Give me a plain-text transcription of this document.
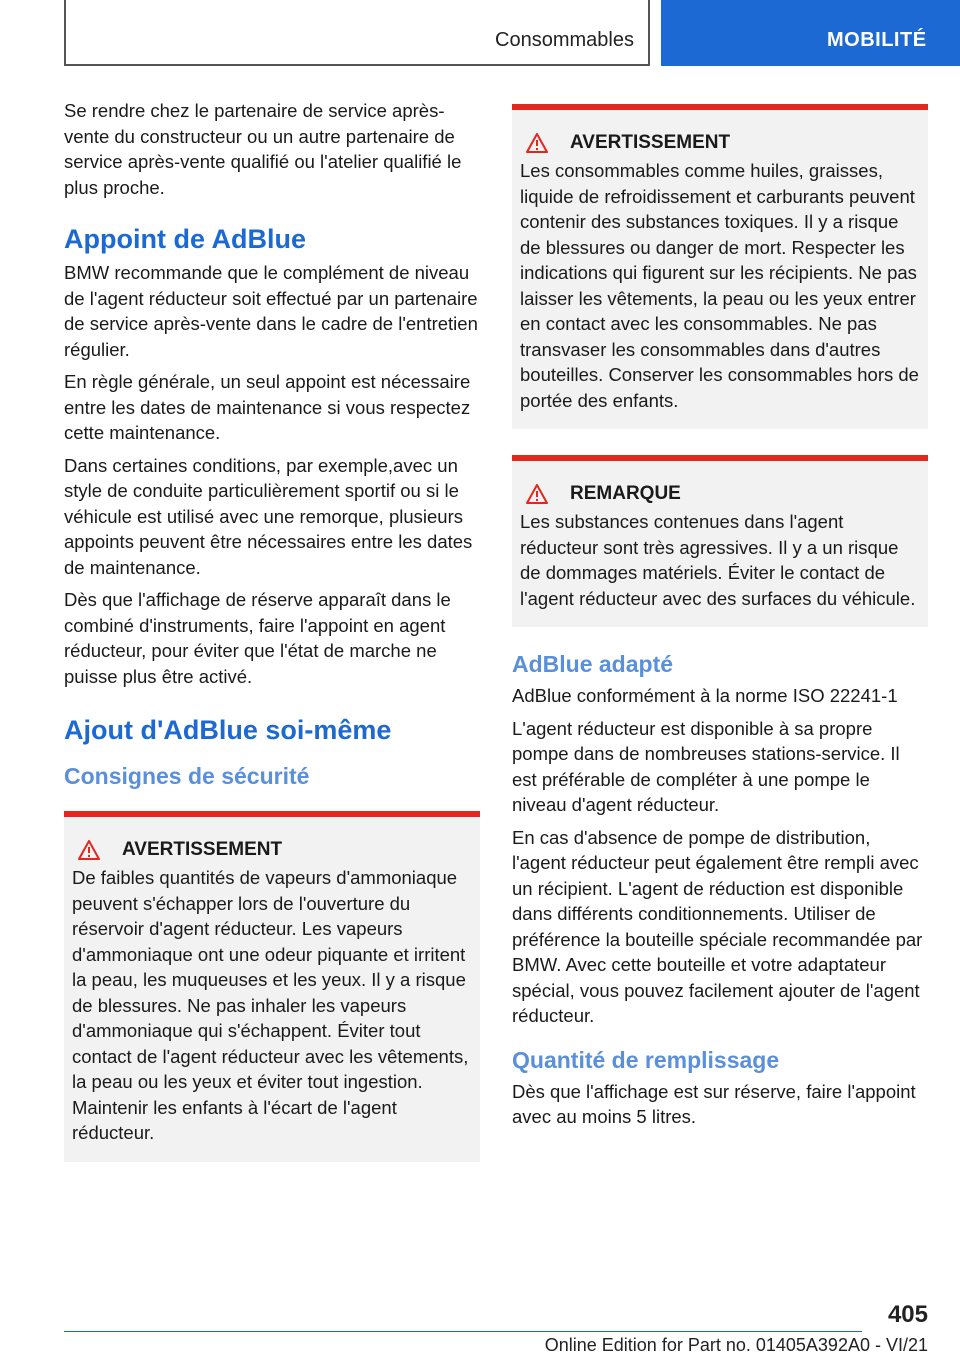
Consommables	MOBILITÉ

Se rendre chez le partenaire de service après-vente du constructeur ou un autre partenaire de service après-vente qualifié ou l'atelier qualifié le plus proche.

Appoint de AdBlue

BMW recommande que le complément de niveau de l'agent réducteur soit effectué par un partenaire de service après-vente dans le cadre de l'entretien régulier.

En règle générale, un seul appoint est nécessaire entre les dates de maintenance si vous respectez cette maintenance.

Dans certaines conditions, par exemple,avec un style de conduite particulièrement sportif ou si le véhicule est utilisé avec une remorque, plusieurs appoints peuvent être nécessaires entre les dates de maintenance.

Dès que l'affichage de réserve apparaît dans le combiné d'instruments, faire l'appoint en agent réducteur, pour éviter que l'état de marche ne puisse plus être activé.

Ajout d'AdBlue soi-même
Consignes de sécurité
AVERTISSEMENT

De faibles quantités de vapeurs d'ammoniaque peuvent s'échapper lors de l'ouverture du réservoir d'agent réducteur. Les vapeurs d'ammoniaque ont une odeur piquante et irritent la peau, les muqueuses et les yeux. Il y a risque de blessures. Ne pas inhaler les vapeurs d'ammoniaque qui s'échappent. Éviter tout contact de l'agent réducteur avec les vêtements, la peau ou les yeux et éviter tout ingestion. Maintenir les enfants à l'écart de l'agent réducteur.

AVERTISSEMENT

Les consommables comme huiles, graisses, liquide de refroidissement et carburants peuvent contenir des substances toxiques. Il y a risque de blessures ou danger de mort. Respecter les indications qui figurent sur les récipients. Ne pas laisser les vêtements, la peau ou les yeux entrer en contact avec les consommables. Ne pas transvaser les consommables dans d'autres bouteilles. Conserver les consommables hors de portée des enfants.

REMARQUE

Les substances contenues dans l'agent réducteur sont très agressives. Il y a un risque de dommages matériels. Éviter le contact de l'agent réducteur avec des surfaces du véhicule.

AdBlue adapté

AdBlue conformément à la norme ISO 22241-1

L'agent réducteur est disponible à sa propre pompe dans de nombreuses stations-service. Il est préférable de compléter à une pompe le niveau d'agent réducteur.

En cas d'absence de pompe de distribution, l'agent réducteur peut également être rempli avec un récipient. L'agent de réduction est disponible dans différents conditionnements. Utiliser de préférence la bouteille spéciale recommandée par BMW. Avec cette bouteille et votre adaptateur spécial, vous pouvez facilement ajouter de l'agent réducteur.

Quantité de remplissage

Dès que l'affichage est sur réserve, faire l'appoint avec au moins 5 litres.

405
Online Edition for Part no. 01405A392A0 - VI/21
